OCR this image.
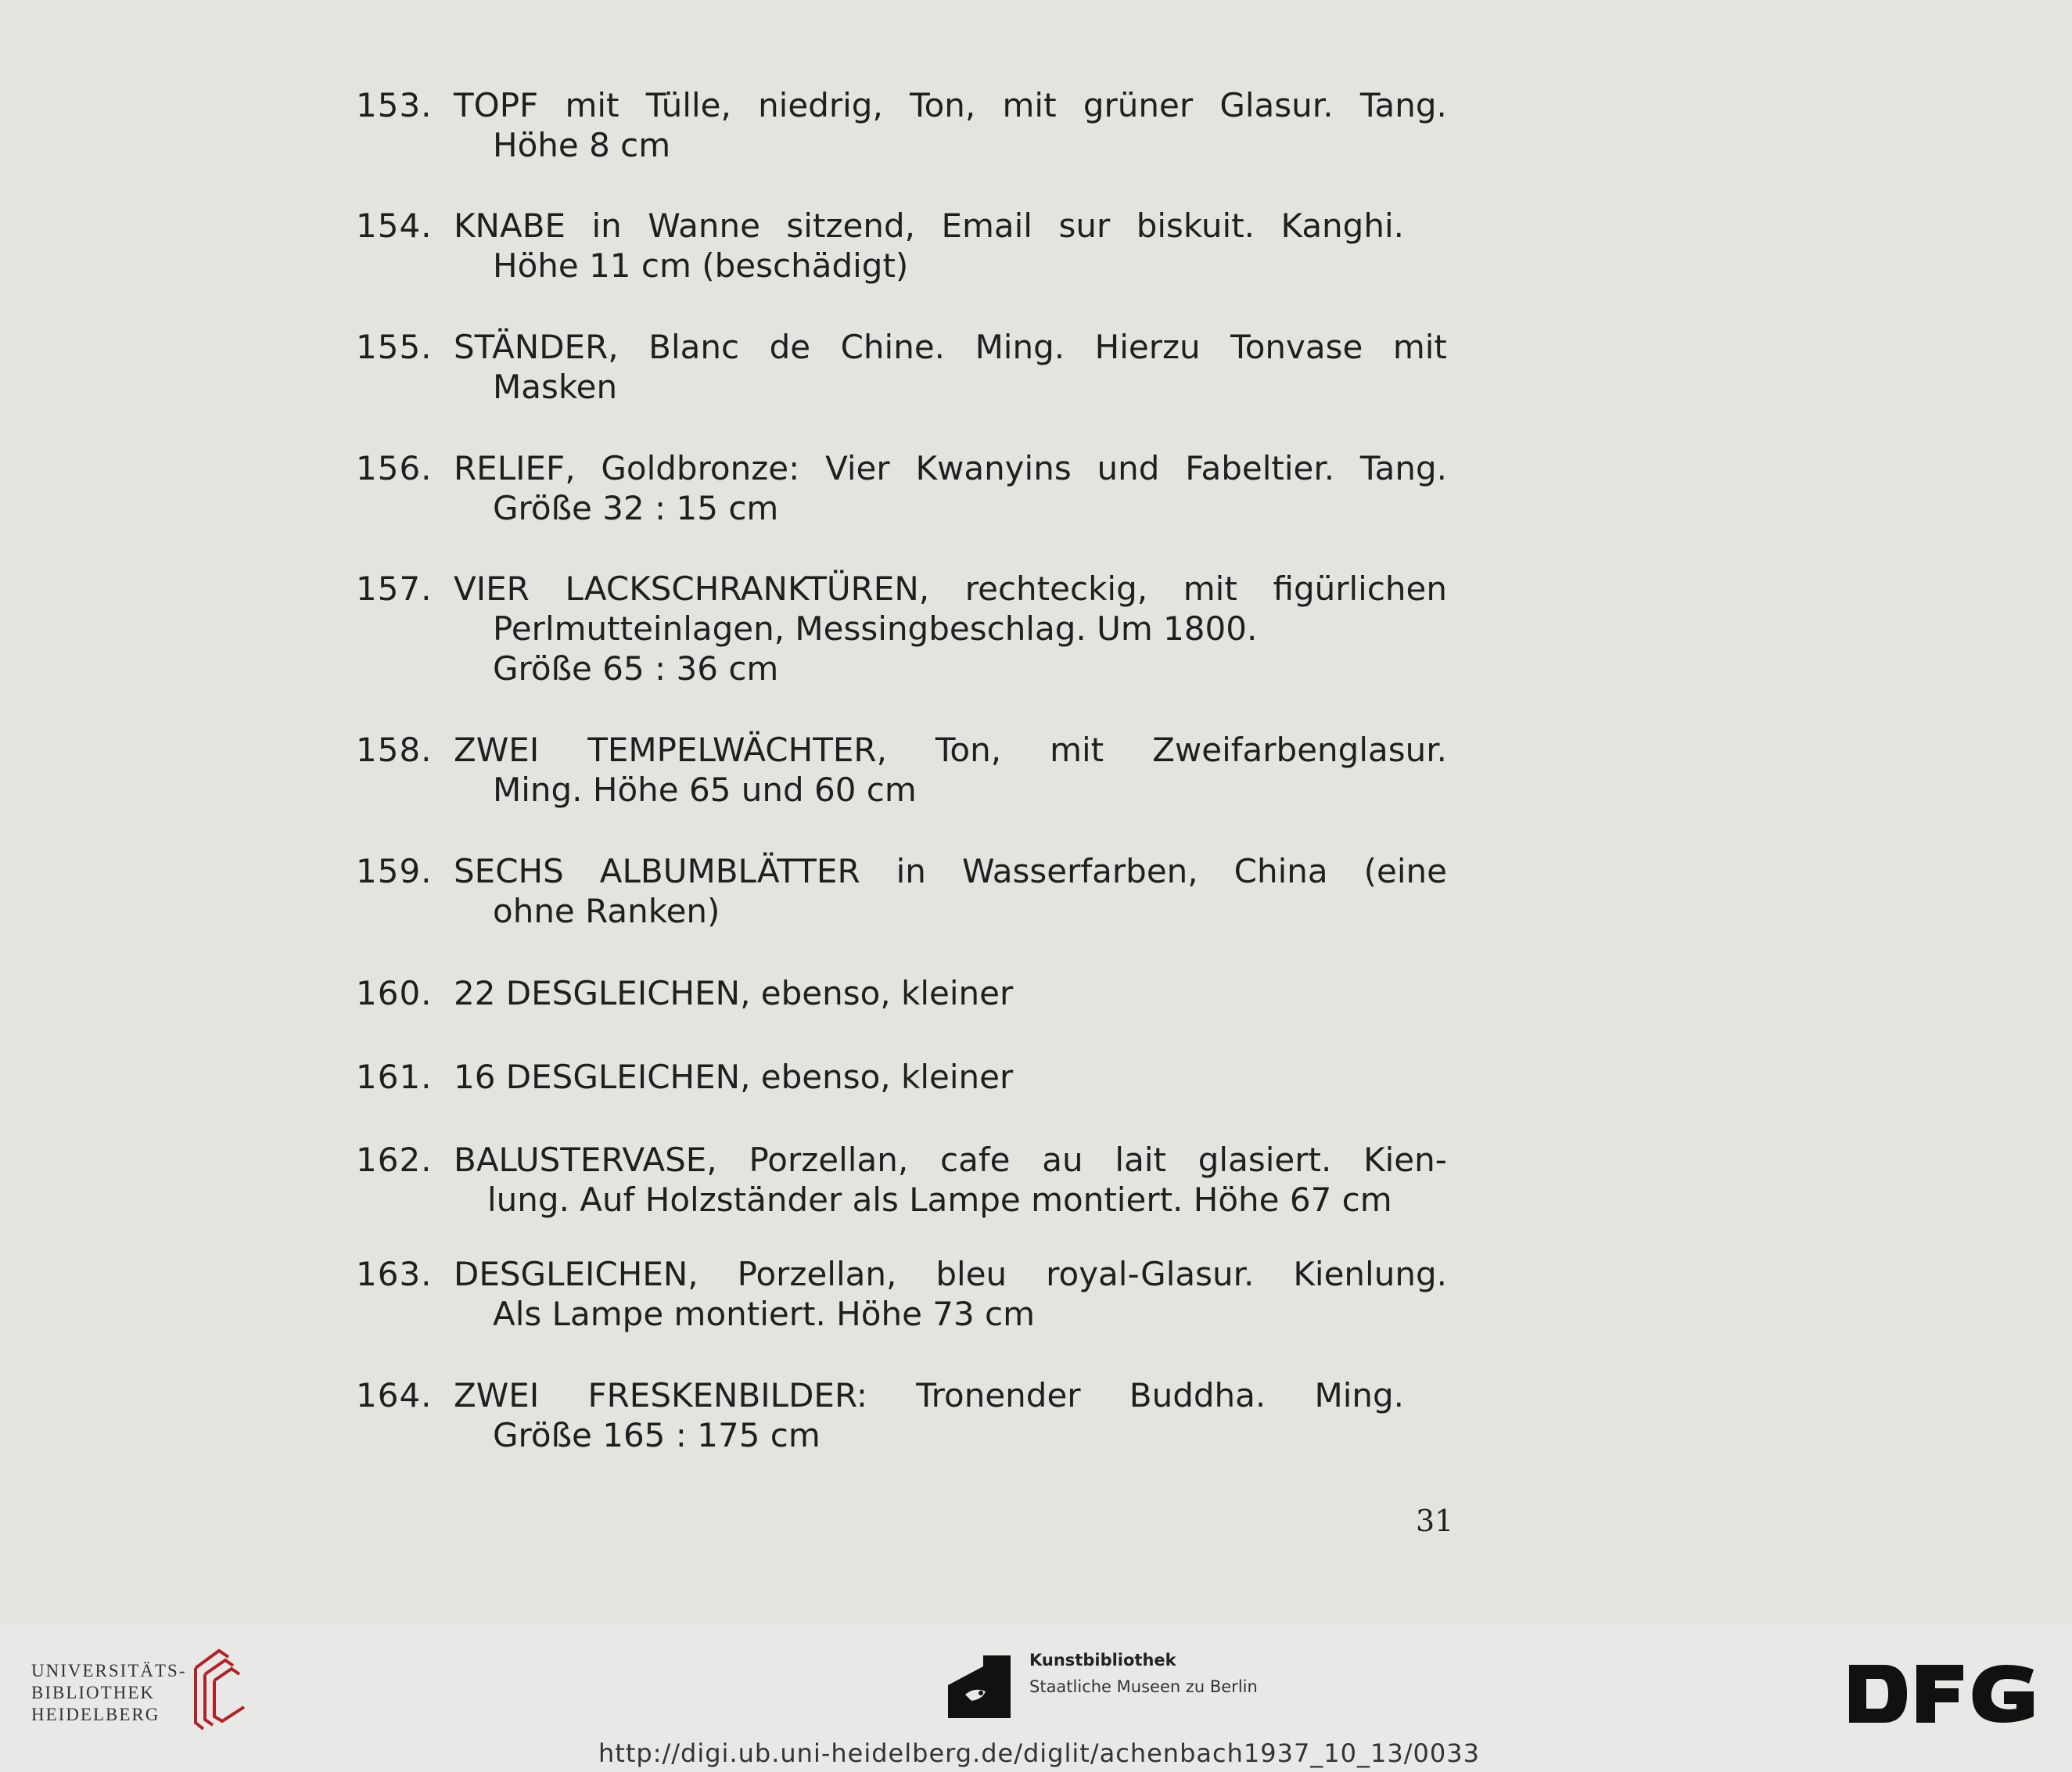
153. TOPF mit Tülle, niedrig, Ton, mit grüner Glasur. Tang.
Höhe 8 cm
154. KNABE in Wanne sitzend, Email sur biskuit. Kanghi.
Höhe 11 cm (beschädigt)
155. STÄNDER, Blanc de Chine. Ming. Hierzu Tonvase mit
Masken
156. RELIEF, Goldbronze: Vier Kwanyins und Fabeltier. Tang.
Größe 32 : 15 cm
157. VIER LACKSCHRANKTÜREN, rechteckig, mit figürlichen
Perlmutteinlagen, Messingbeschlag. Um 1800.
Größe 65 : 36 cm
158. ZWEI TEMPELWÄCHTER, Ton, mit Zweifarbenglasur.
Ming. Höhe 65 und 60 cm
159. SECHS ALBUMBLÄTTER in Wasserfarben, China (eine
ohne Ranken)
160. 22 DESGLEICHEN, ebenso, kleiner
161. 16 DESGLEICHEN, ebenso, kleiner
162. BALUSTERVASE, Porzellan, cafe au lait glasiert. Kien-
lung. Auf Holzständer als Lampe montiert. Höhe 67 cm
163. DESGLEICHEN, Porzellan, bleu royal-Glasur. Kienlung.
Als Lampe montiert. Höhe 73 cm
164. ZWEI FRESKENBILDER: Tronender Buddha. Ming.
Größe 165 : 175 cm
31
UNIVERSITÄTS-
BIBLIOTHEK
HEIDELBERG
Kunstbibliothek
Staatliche Museen zu Berlin
http://digi.ub.uni-heidelberg.de/diglit/achenbach1937_10_13/0033
